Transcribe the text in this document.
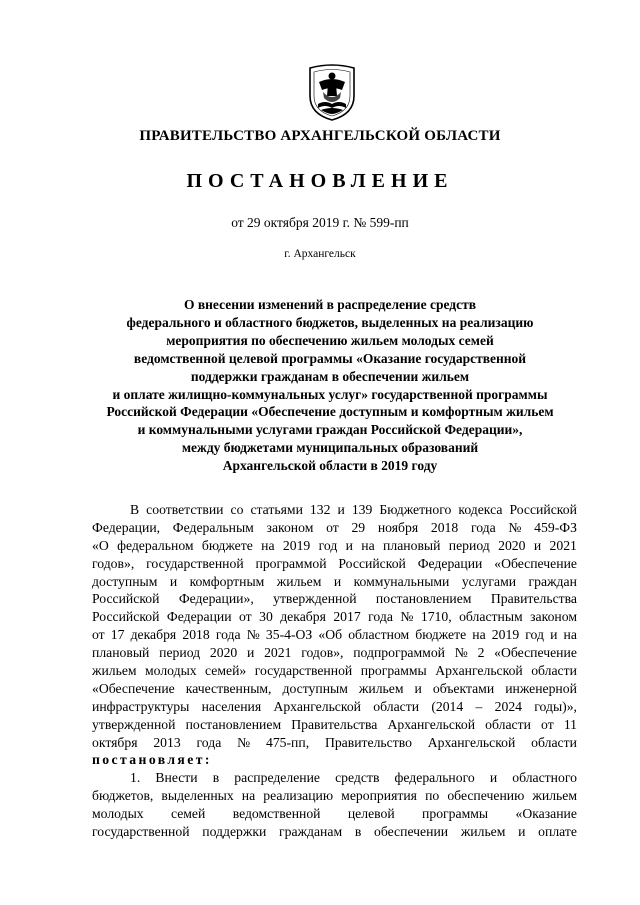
ПРАВИТЕЛЬСТВО АРХАНГЕЛЬСКОЙ ОБЛАСТИ
ПОСТАНОВЛЕНИЕ
от 29 октября 2019 г. № 599-пп
г. Архангельск
О внесении изменений в распределение средств
федерального и областного бюджетов, выделенных на реализацию
мероприятия по обеспечению жильем молодых семей
ведомственной целевой программы «Оказание государственной
поддержки гражданам в обеспечении жильем
и оплате жилищно-коммунальных услуг» государственной программы
Российской Федерации «Обеспечение доступным и комфортным жильем
и коммунальными услугами граждан Российской Федерации»,
между бюджетами муниципальных образований
Архангельской области в 2019 году
В соответствии со статьями 132 и 139 Бюджетного кодекса Российской
Федерации, Федеральным законом от 29 ноября 2018 года № 459-ФЗ
«О федеральном бюджете на 2019 год и на плановый период 2020 и 2021
годов», государственной программой Российской Федерации «Обеспечение
доступным и комфортным жильем и коммунальными услугами граждан
Российской Федерации», утвержденной постановлением Правительства
Российской Федерации от 30 декабря 2017 года № 1710, областным законом
от 17 декабря 2018 года № 35-4-ОЗ «Об областном бюджете на 2019 год и на
плановый период 2020 и 2021 годов», подпрограммой № 2 «Обеспечение
жильем молодых семей» государственной программы Архангельской области
«Обеспечение качественным, доступным жильем и объектами инженерной
инфраструктуры населения Архангельской области (2014 – 2024 годы)»,
утвержденной постановлением Правительства Архангельской области от 11
октября 2013 года № 475-пп, Правительство Архангельской области
постановляет:
1. Внести в распределение средств федерального и областного
бюджетов, выделенных на реализацию мероприятия по обеспечению жильем
молодых семей ведомственной целевой программы «Оказание
государственной поддержки гражданам в обеспечении жильем и оплате
